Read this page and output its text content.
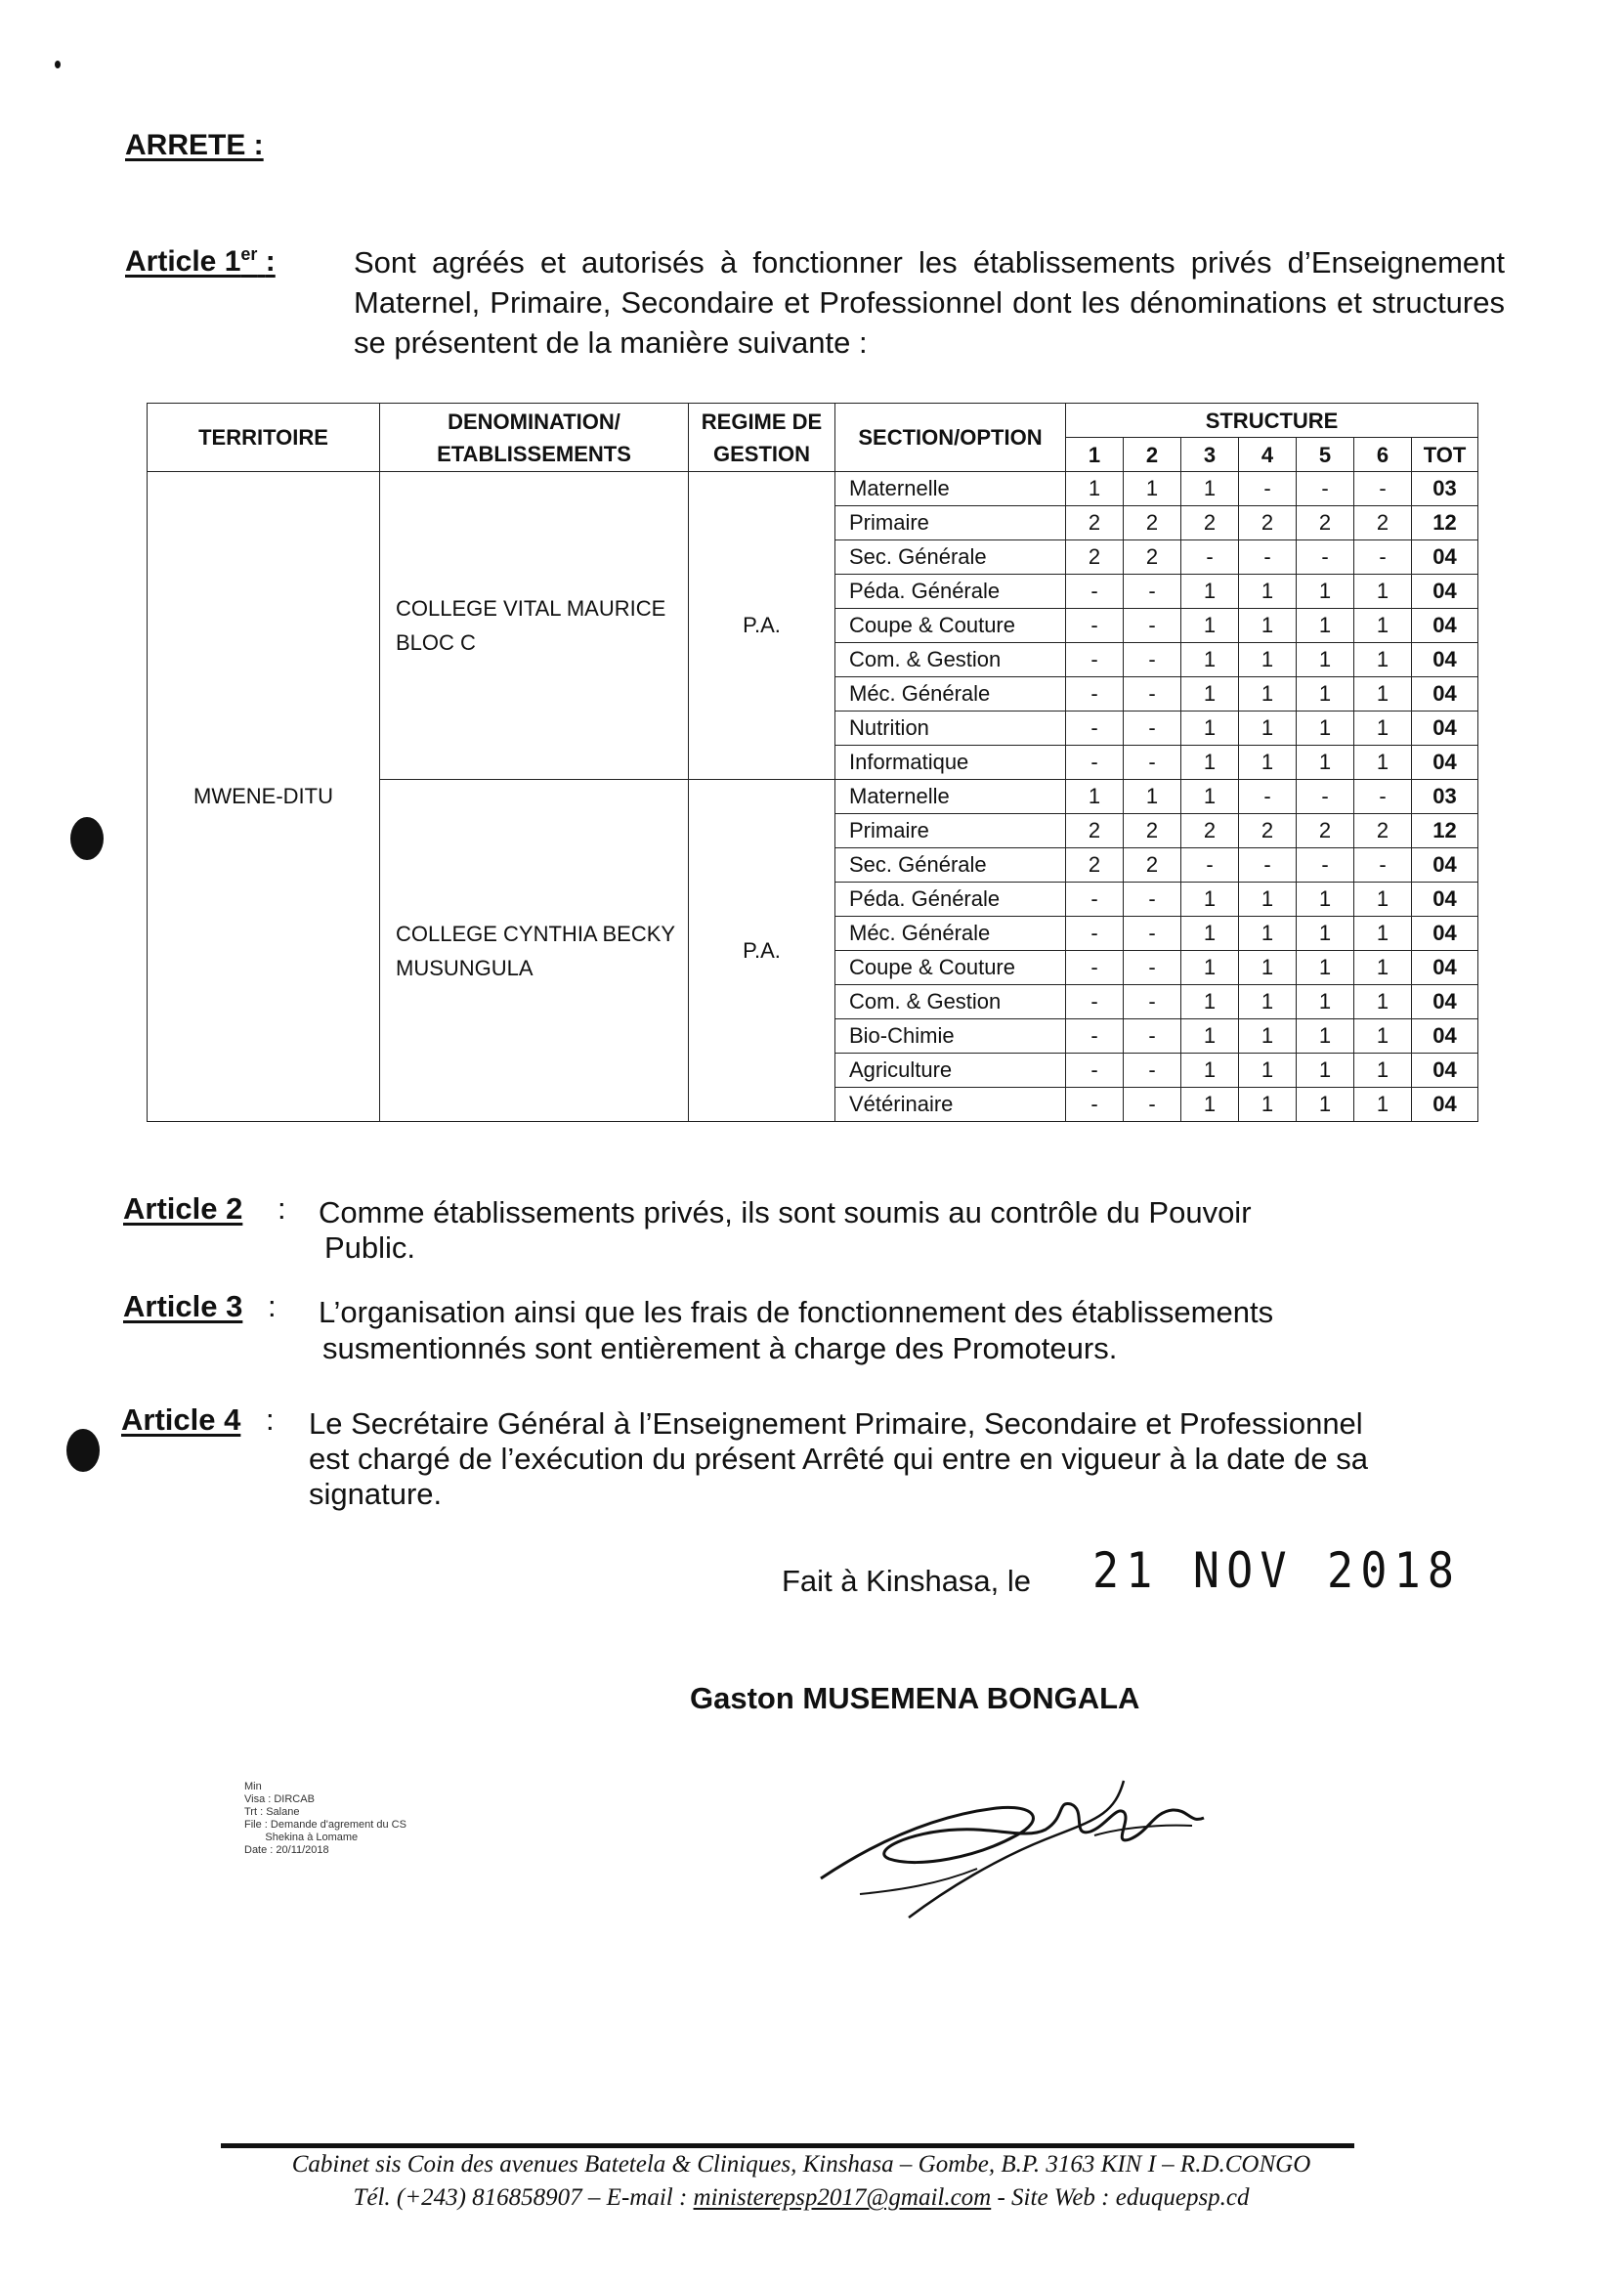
ARRETE :
Article 1er :	Sont agréés et autorisés à fonctionner les établissements privés d’Enseignement Maternel, Primaire, Secondaire et Professionnel dont les dénominations et structures se présentent de la manière suivante :
TERRITOIRE	DENOMINATION/ ETABLISSEMENTS	REGIME DE GESTION	SECTION/OPTION	STRUCTURE						
				1	2	3	4	5	6	TOT
MWENE-DITU	COLLEGE VITAL MAURICE BLOC C	P.A.	Maternelle	1	1	1	-	-	-	03
			Primaire	2	2	2	2	2	2	12
			Sec. Générale	2	2	-	-	-	-	04
			Péda. Générale	-	-	1	1	1	1	04
			Coupe & Couture	-	-	1	1	1	1	04
			Com. & Gestion	-	-	1	1	1	1	04
			Méc. Générale	-	-	1	1	1	1	04
			Nutrition	-	-	1	1	1	1	04
			Informatique	-	-	1	1	1	1	04
	COLLEGE CYNTHIA BECKY MUSUNGULA	P.A.	Maternelle	1	1	1	-	-	-	03
			Primaire	2	2	2	2	2	2	12
			Sec. Générale	2	2	-	-	-	-	04
			Péda. Générale	-	-	1	1	1	1	04
			Méc. Générale	-	-	1	1	1	1	04
			Coupe & Couture	-	-	1	1	1	1	04
			Com. & Gestion	-	-	1	1	1	1	04
			Bio-Chimie	-	-	1	1	1	1	04
			Agriculture	-	-	1	1	1	1	04
			Vétérinaire	-	-	1	1	1	1	04
Article 2 : Comme établissements privés, ils sont soumis au contrôle du Pouvoir
Public.
Article 3 : L’organisation ainsi que les frais de fonctionnement des établissements
susmentionnés sont entièrement à charge des Promoteurs.
Article 4 : Le Secrétaire Général à l’Enseignement Primaire, Secondaire et Professionnel
est chargé de l’exécution du présent Arrêté qui entre en vigueur à la date de sa
signature.
Fait à Kinshasa, le 21 NOV 2018
Gaston MUSEMENA BONGALA
Min
Visa : DIRCAB
Trt : Salane
File : Demande d'agrement du CS
Shekina à Lomame
Date : 20/11/2018
Cabinet sis Coin des avenues Batetela & Cliniques, Kinshasa – Gombe, B.P. 3163 KIN I – R.D.CONGO
Tél. (+243) 816858907 – E-mail : ministerepsp2017@gmail.com - Site Web : eduquepsp.cd
